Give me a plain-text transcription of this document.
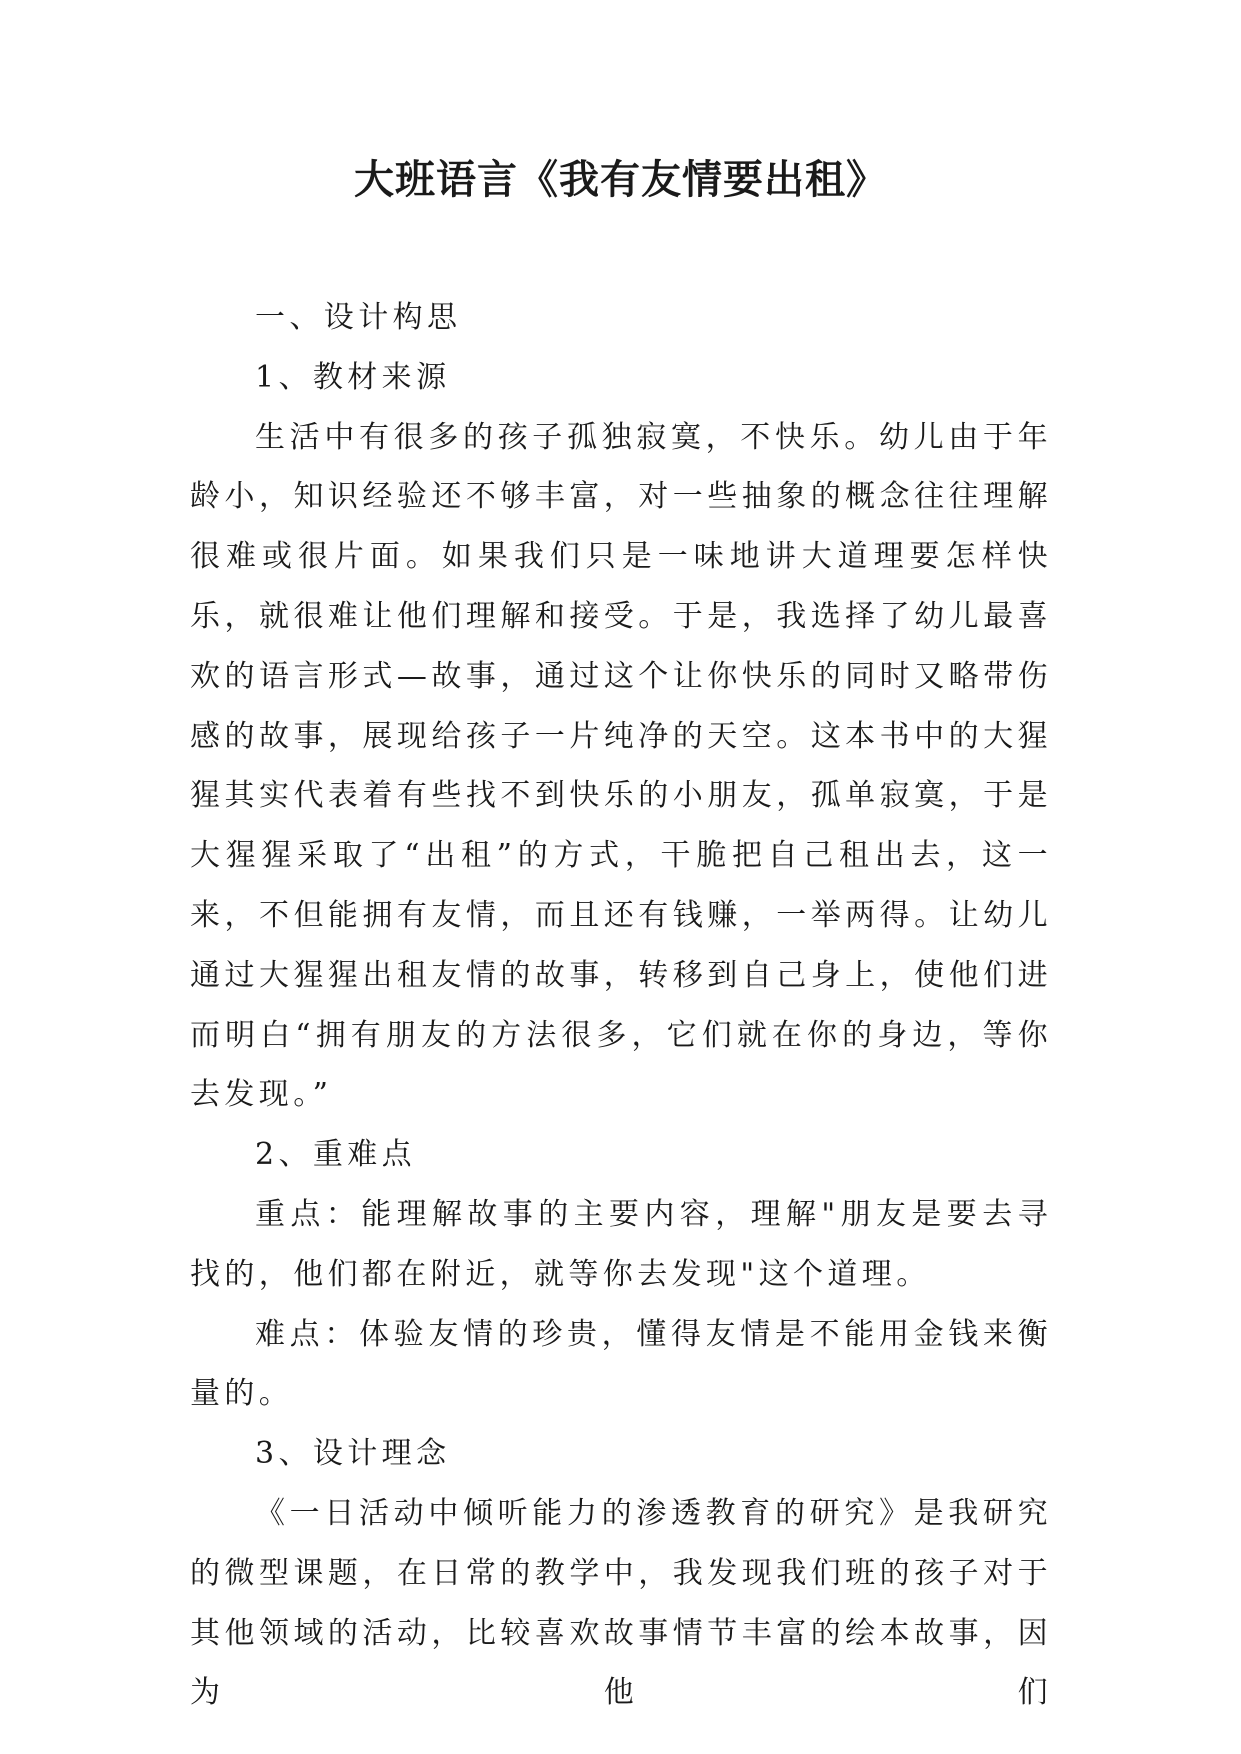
大班语言《我有友情要出租》

一、设计构思

1、教材来源

生活中有很多的孩子孤独寂寞，不快乐。幼儿由于年龄小，知识经验还不够丰富，对一些抽象的概念往往理解很难或很片面。如果我们只是一味地讲大道理要怎样快乐，就很难让他们理解和接受。于是，我选择了幼儿最喜欢的语言形式—故事，通过这个让你快乐的同时又略带伤感的故事，展现给孩子一片纯净的天空。这本书中的大猩猩其实代表着有些找不到快乐的小朋友，孤单寂寞，于是大猩猩采取了“出租”的方式，干脆把自己租出去，这一来，不但能拥有友情，而且还有钱赚，一举两得。让幼儿通过大猩猩出租友情的故事，转移到自己身上，使他们进而明白“拥有朋友的方法很多，它们就在你的身边，等你去发现。”

2、重难点

重点：能理解故事的主要内容，理解"朋友是要去寻找的，他们都在附近，就等你去发现"这个道理。

难点：体验友情的珍贵，懂得友情是不能用金钱来衡量的。

3、设计理念

《一日活动中倾听能力的渗透教育的研究》是我研究的微型课题，在日常的教学中，我发现我们班的孩子对于其他领域的活动，比较喜欢故事情节丰富的绘本故事，因为他们
